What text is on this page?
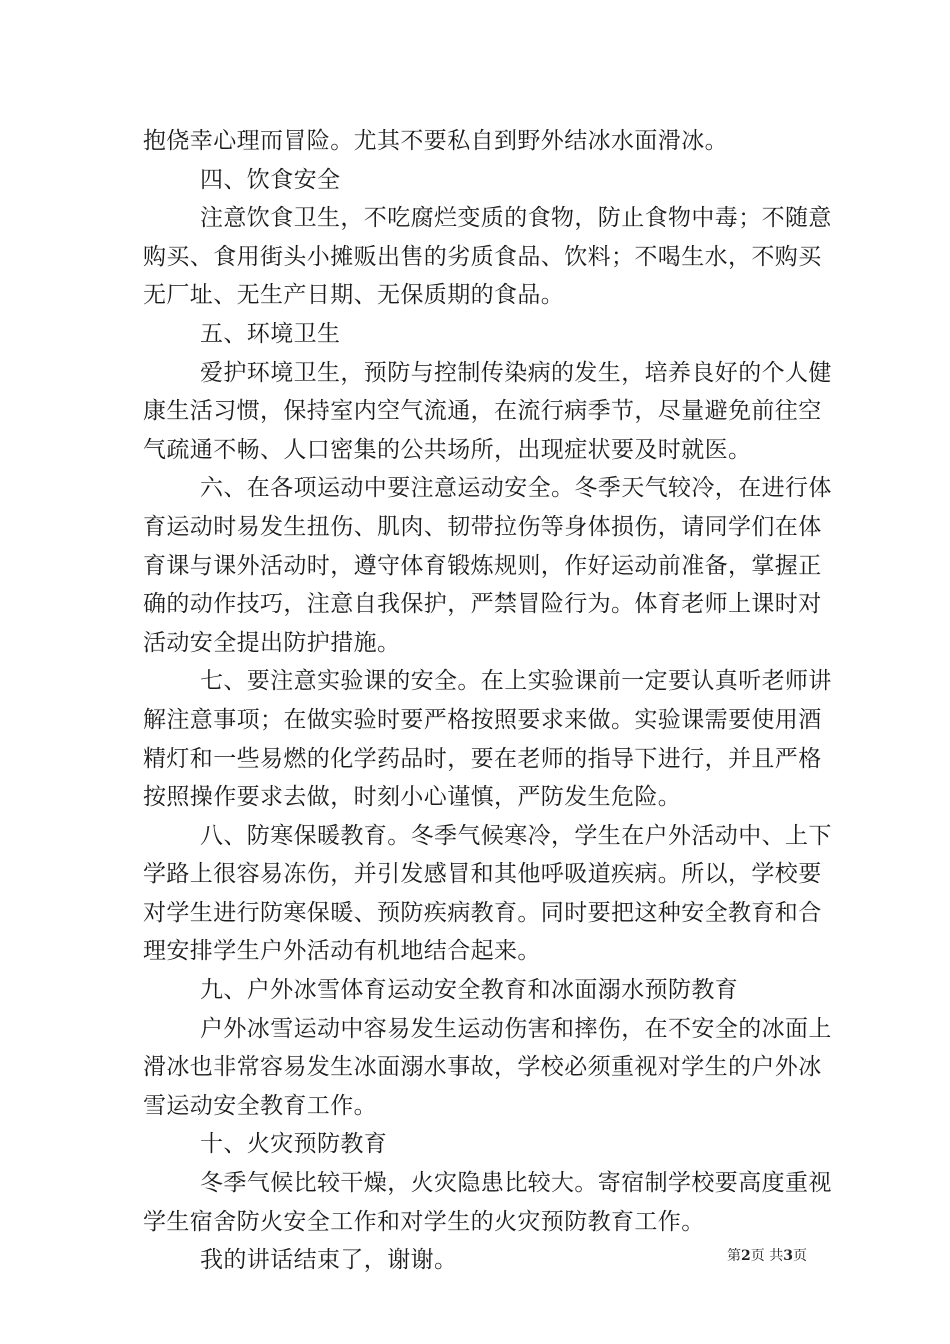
抱侥幸心理而冒险。尤其不要私自到野外结冰水面滑冰。
四、饮食安全
注意饮食卫生，不吃腐烂变质的食物，防止食物中毒；不随意
购买、食用街头小摊贩出售的劣质食品、饮料；不喝生水，不购买
无厂址、无生产日期、无保质期的食品。
五、环境卫生
爱护环境卫生，预防与控制传染病的发生，培养良好的个人健
康生活习惯，保持室内空气流通，在流行病季节，尽量避免前往空
气疏通不畅、人口密集的公共场所，出现症状要及时就医。
六、在各项运动中要注意运动安全。冬季天气较冷，在进行体
育运动时易发生扭伤、肌肉、韧带拉伤等身体损伤，请同学们在体
育课与课外活动时，遵守体育锻炼规则，作好运动前准备，掌握正
确的动作技巧，注意自我保护，严禁冒险行为。体育老师上课时对
活动安全提出防护措施。
七、要注意实验课的安全。在上实验课前一定要认真听老师讲
解注意事项；在做实验时要严格按照要求来做。实验课需要使用酒
精灯和一些易燃的化学药品时，要在老师的指导下进行，并且严格
按照操作要求去做，时刻小心谨慎，严防发生危险。
八、防寒保暖教育。冬季气候寒冷，学生在户外活动中、上下
学路上很容易冻伤，并引发感冒和其他呼吸道疾病。所以，学校要
对学生进行防寒保暖、预防疾病教育。同时要把这种安全教育和合
理安排学生户外活动有机地结合起来。
九、户外冰雪体育运动安全教育和冰面溺水预防教育
户外冰雪运动中容易发生运动伤害和摔伤，在不安全的冰面上
滑冰也非常容易发生冰面溺水事故，学校必须重视对学生的户外冰
雪运动安全教育工作。
十、火灾预防教育
冬季气候比较干燥，火灾隐患比较大。寄宿制学校要高度重视
学生宿舍防火安全工作和对学生的火灾预防教育工作。
我的讲话结束了，谢谢。	第2页 共3页
